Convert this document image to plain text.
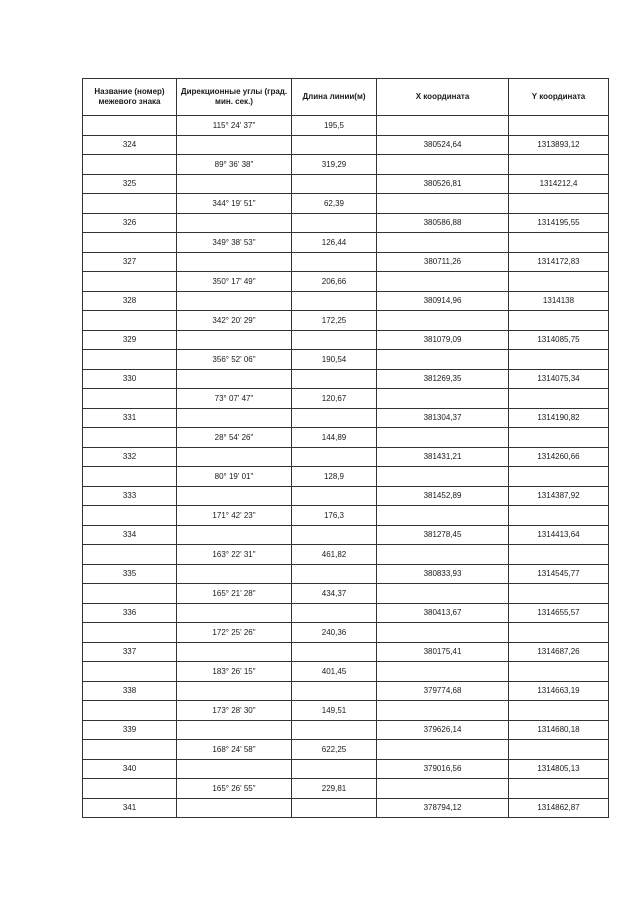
Название (номер) межевого знака	Дирекционные углы (град. мин. сек.)	Длина линии(м)	X координата	Y координата
	115° 24' 37"	195,5		
324			380524,64	1313893,12
	89° 36' 38"	319,29		
325			380526,81	1314212,4
	344° 19' 51"	62,39		
326			380586,88	1314195,55
	349° 38' 53"	126,44		
327			380711,26	1314172,83
	350° 17' 49"	206,66		
328			380914,96	1314138
	342° 20' 29"	172,25		
329			381079,09	1314085,75
	356° 52' 06"	190,54		
330			381269,35	1314075,34
	73° 07' 47"	120,67		
331			381304,37	1314190,82
	28° 54' 26"	144,89		
332			381431,21	1314260,66
	80° 19' 01"	128,9		
333			381452,89	1314387,92
	171° 42' 23"	176,3		
334			381278,45	1314413,64
	163° 22' 31"	461,82		
335			380833,93	1314545,77
	165° 21' 28"	434,37		
336			380413,67	1314655,57
	172° 25' 26"	240,36		
337			380175,41	1314687,26
	183° 26' 15"	401,45		
338			379774,68	1314663,19
	173° 28' 30"	149,51		
339			379626,14	1314680,18
	168° 24' 58"	622,25		
340			379016,56	1314805,13
	165° 26' 55"	229,81		
341			378794,12	1314862,87
